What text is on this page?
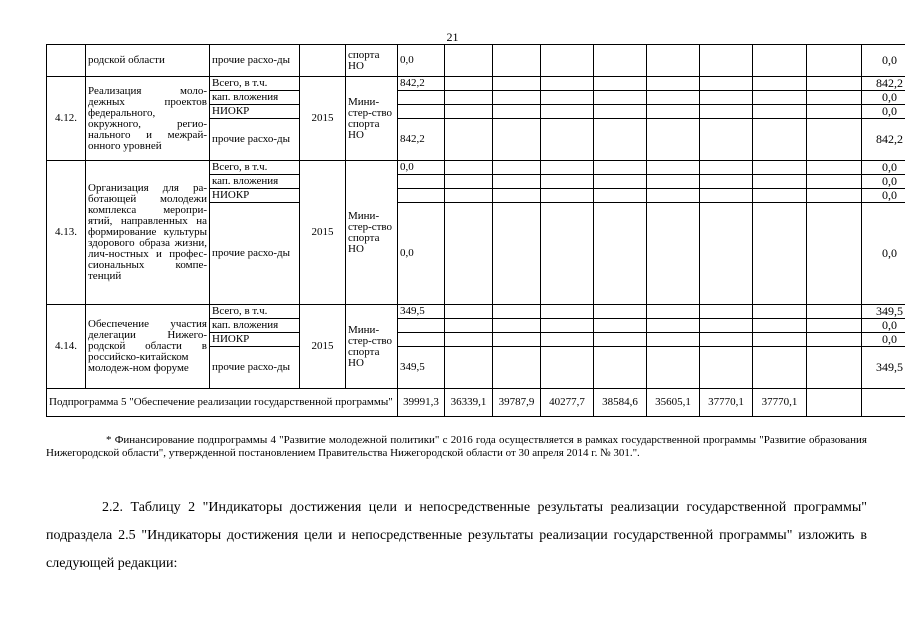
21
	родской области	прочие расхо-ды		спорта НО	0,0									0,0	
4.12.	Реализация моло-дежных проектов федерального, окружного, регио-нального и межрай-онного уровней	Всего, в т.ч.	2015	Мини-стер-ство спорта НО	842,2									842,2	
		кап. вложения												0,0	
		НИОКР												0,0	
		прочие расхо-ды			842,2									842,2	
4.13.	Организация для ра-ботающей молодежи комплекса меропри-ятий, направленных на формирование культуры здорового образа жизни, лич-ностных и профес-сиональных компе-тенций	Всего, в т.ч.	2015	Мини-стер-ство спорта НО	0,0									0,0	
		кап. вложения												0,0	
		НИОКР												0,0	
		прочие расхо-ды			0,0									0,0	
4.14.	Обеспечение участия делегации Нижего-родской области в российско-китайском молодеж-ном форуме	Всего, в т.ч.	2015	Мини-стер-ство спорта НО	349,5									349,5	
		кап. вложения												0,0	
		НИОКР												0,0	
		прочие расхо-ды			349,5									349,5	
Подпрограмма 5 "Обеспечение реализации государственной программы"					39991,3	36339,1	39787,9	40277,7	38584,6	35605,1	37770,1	37770,1			
* Финансирование подпрограммы 4 "Развитие молодежной политики" с 2016 года осуществляется в рамках государственной программы "Развитие образования Нижегородской области", утвержденной постановлением Правительства Нижегородской области от 30 апреля 2014 г. № 301.".
2.2. Таблицу 2 "Индикаторы достижения цели и непосредственные результаты реализации государственной программы" подраздела 2.5 "Индикаторы достижения цели и непосредственные результаты реализации государственной программы" изложить в следующей редакции:
